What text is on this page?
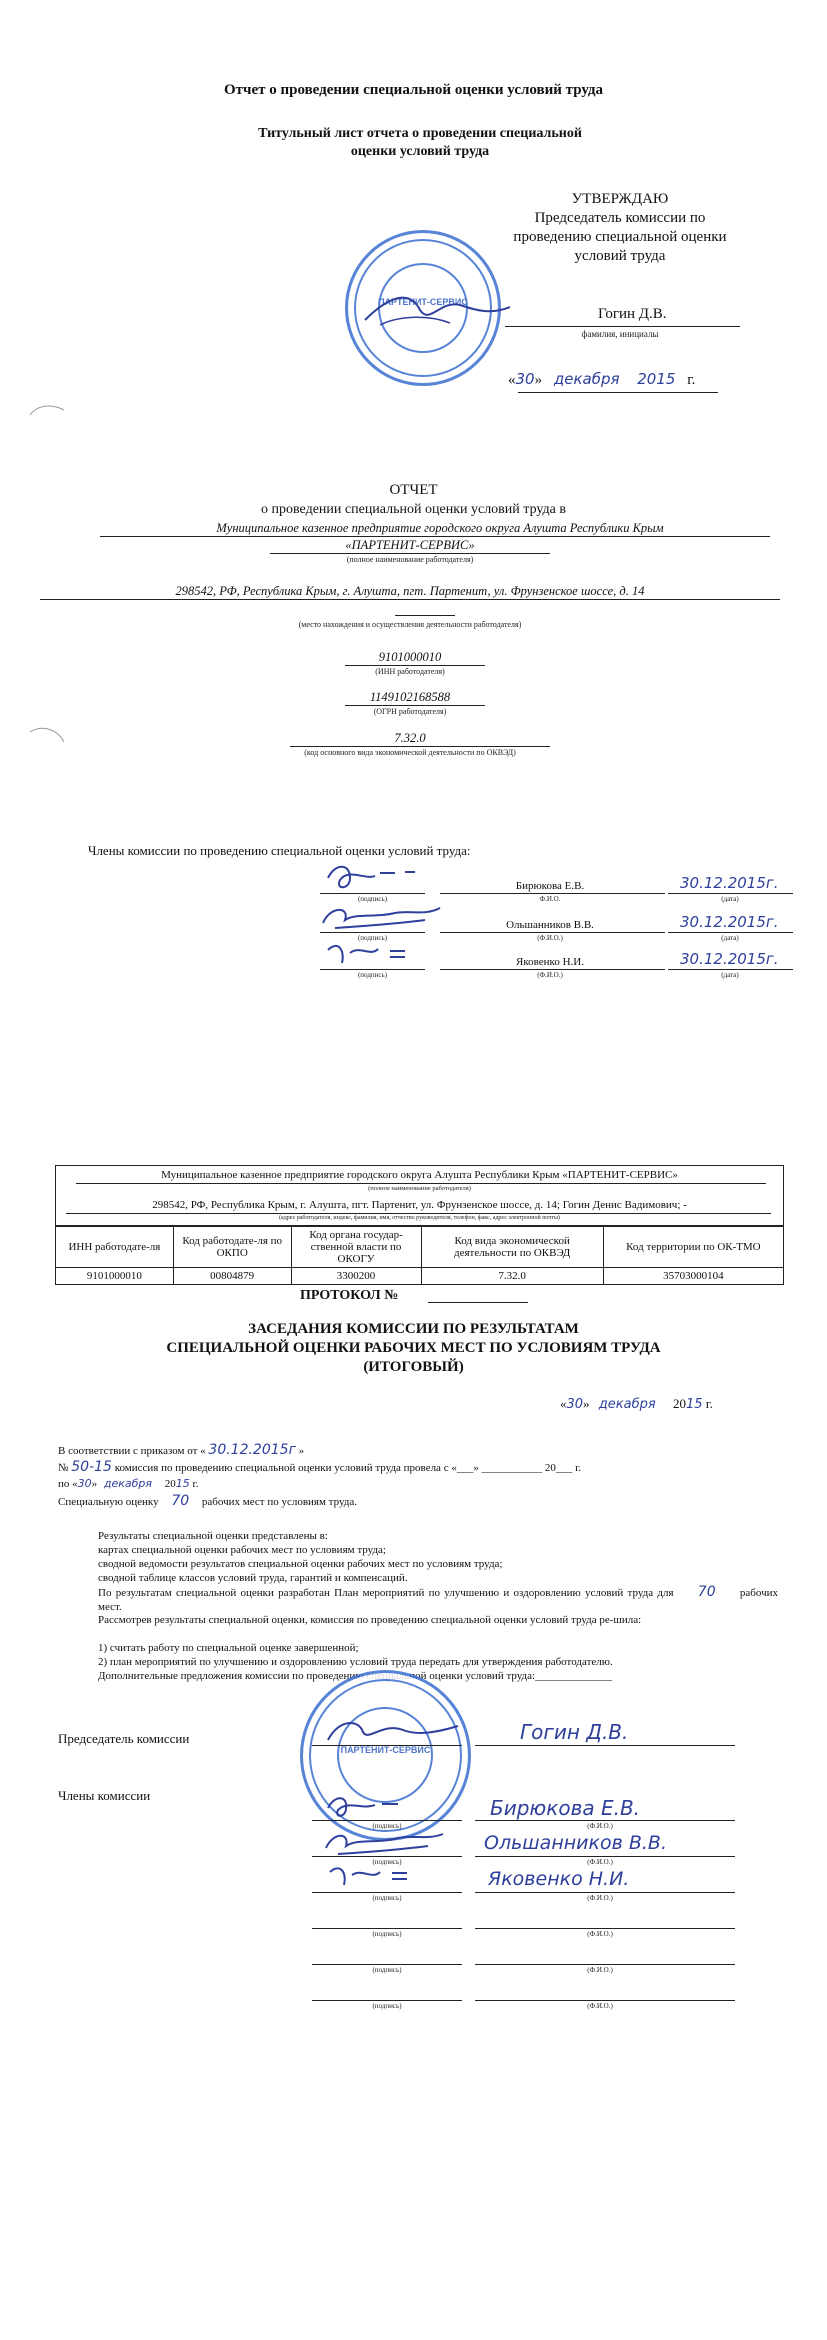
Отчет о проведении специальной оценки условий труда
Титульный лист отчета о проведении специальной
оценки условий труда
УТВЕРЖДАЮ
Председатель комиссии по
проведению специальной оценки
условий труда
ПАРТЕНИТ-СЕРВИС
Гогин Д.В.
фамилия, инициалы
«30» декабря 2015 г.
ОТЧЕТ
о проведении специальной оценки условий труда в
Муниципальное казенное предприятие городского округа Алушта Республики Крым
«ПАРТЕНИТ-СЕРВИС»
(полное наименование работодателя)
298542, РФ, Республика Крым, г. Алушта, пгт. Партенит, ул. Фрунзенское шоссе, д. 14
(место нахождения и осуществления деятельности работодателя)
9101000010
(ИНН работодателя)
1149102168588
(ОГРН работодателя)
7.32.0
(код основного вида экономической деятельности по ОКВЭД)
Члены комиссии по проведению специальной оценки условий труда:
(подпись)
Бирюкова Е.В.
Ф.И.О.
30.12.2015г.
(дата)
(подпись)
Ольшанников В.В.
(Ф.И.О.)
30.12.2015г.
(дата)
(подпись)
Яковенко Н.И.
(Ф.И.О.)
30.12.2015г.
(дата)
Муниципальное казенное предприятие городского округа Алушта Республики Крым «ПАРТЕНИТ-СЕРВИС»
(полное наименование работодателя)
298542, РФ, Республика Крым, г. Алушта, пгт. Партенит, ул. Фрунзенское шоссе, д. 14; Гогин Денис Вадимович; -
(адрес работодателя, индекс, фамилия, имя, отчество руководителя, телефон, факс, адрес электронной почты)
ИНН работодате-ля	Код работодате-ля по ОКПО	Код органа государ-ственной власти по ОКОГУ	Код вида экономической деятельности по ОКВЭД	Код территории по ОК-ТМО
9101000010	00804879	3300200	7.32.0	35703000104
ПРОТОКОЛ №
ЗАСЕДАНИЯ КОМИССИИ ПО РЕЗУЛЬТАТАМ
СПЕЦИАЛЬНОЙ ОЦЕНКИ РАБОЧИХ МЕСТ ПО УСЛОВИЯМ ТРУДА
(ИТОГОВЫЙ)
«30» декабря 2015 г.
В соответствии с приказом от « 30.12.2015г »
№ 50-15 комиссия по проведению специальной оценки условий труда провела с «___» ___________ 20___ г.
по «30» декабря 2015 г.
Специальную оценку 70 рабочих мест по условиям труда.
Результаты специальной оценки представлены в:
картах специальной оценки рабочих мест по условиям труда;
сводной ведомости результатов специальной оценки рабочих мест по условиям труда;
сводной таблице классов условий труда, гарантий и компенсаций.
По результатам специальной оценки разработан План мероприятий по улучшению и оздоровлению условий труда для 70 рабочих мест.
Рассмотрев результаты специальной оценки, комиссия по проведению специальной оценки условий труда ре-шила:
1) считать работу по специальной оценке завершенной;
2) план мероприятий по улучшению и оздоровлению условий труда передать для утверждения работодателю.
Дополнительные предложения комиссии по проведению специальной оценки условий труда:______________
ПАРТЕНИТ-СЕРВИС
Председатель комиссии	Гогин Д.В.
Члены комиссии
(подпись)
Бирюкова Е.В.
(Ф.И.О.)
(подпись)
Ольшанников В.В.
(Ф.И.О.)
(подпись)
Яковенко Н.И.
(Ф.И.О.)
(подпись)	(Ф.И.О.)
(подпись)	(Ф.И.О.)
(подпись)	(Ф.И.О.)
